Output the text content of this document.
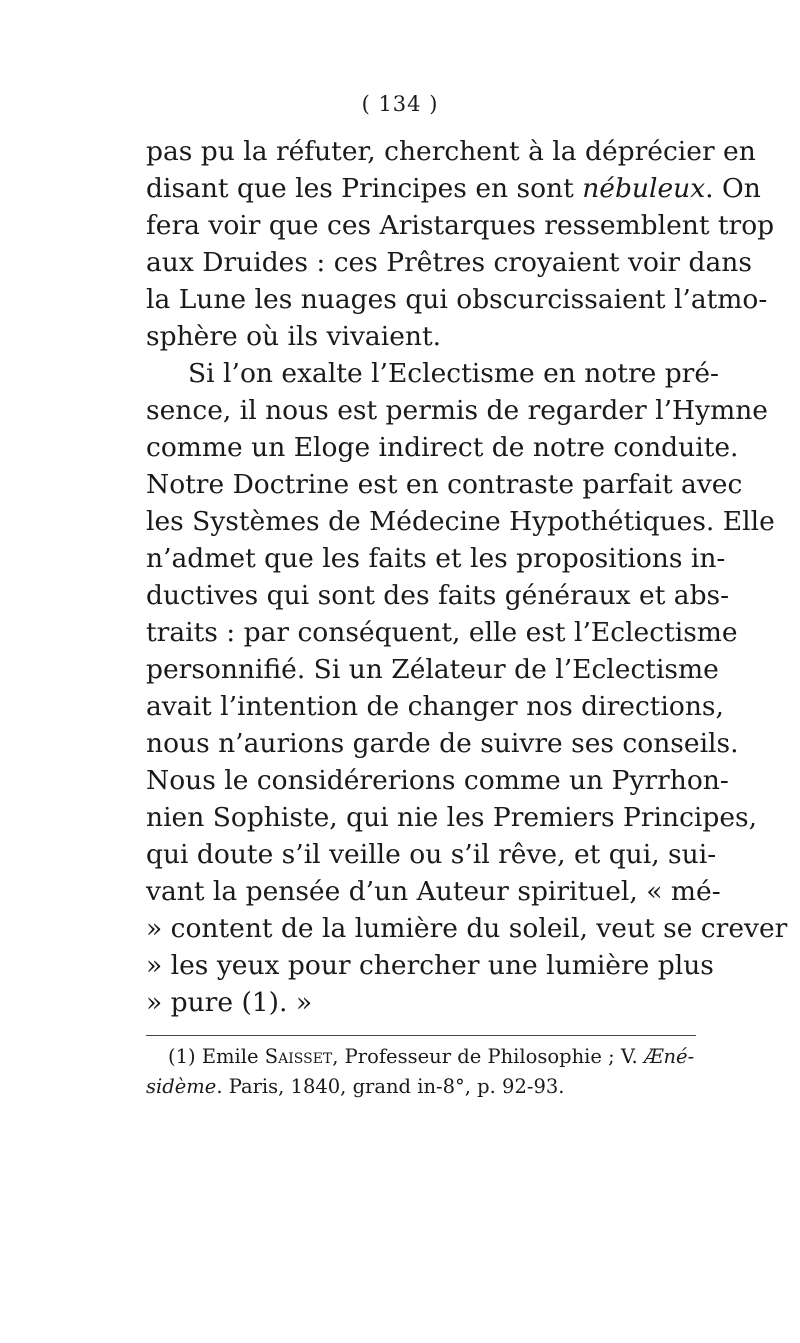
( 134 )
pas pu la réfuter, cherchent à la déprécier en
disant que les Principes en sont nébuleux. On
fera voir que ces Aristarques ressemblent trop
aux Druides : ces Prêtres croyaient voir dans
la Lune les nuages qui obscurcissaient l’atmo-
sphère où ils vivaient.
Si l’on exalte l’Eclectisme en notre pré-
sence, il nous est permis de regarder l’Hymne
comme un Eloge indirect de notre conduite.
Notre Doctrine est en contraste parfait avec
les Systèmes de Médecine Hypothétiques. Elle
n’admet que les faits et les propositions in-
ductives qui sont des faits généraux et abs-
traits : par conséquent, elle est l’Eclectisme
personnifié. Si un Zélateur de l’Eclectisme
avait l’intention de changer nos directions,
nous n’aurions garde de suivre ses conseils.
Nous le considérerions comme un Pyrrhon-
nien Sophiste, qui nie les Premiers Principes,
qui doute s’il veille ou s’il rêve, et qui, sui-
vant la pensée d’un Auteur spirituel, « mé-
» content de la lumière du soleil, veut se crever
» les yeux pour chercher une lumière plus
» pure (1). »
(1) Emile Saisset, Professeur de Philosophie ; V. Æné-
sidème. Paris, 1840, grand in-8°, p. 92-93.
